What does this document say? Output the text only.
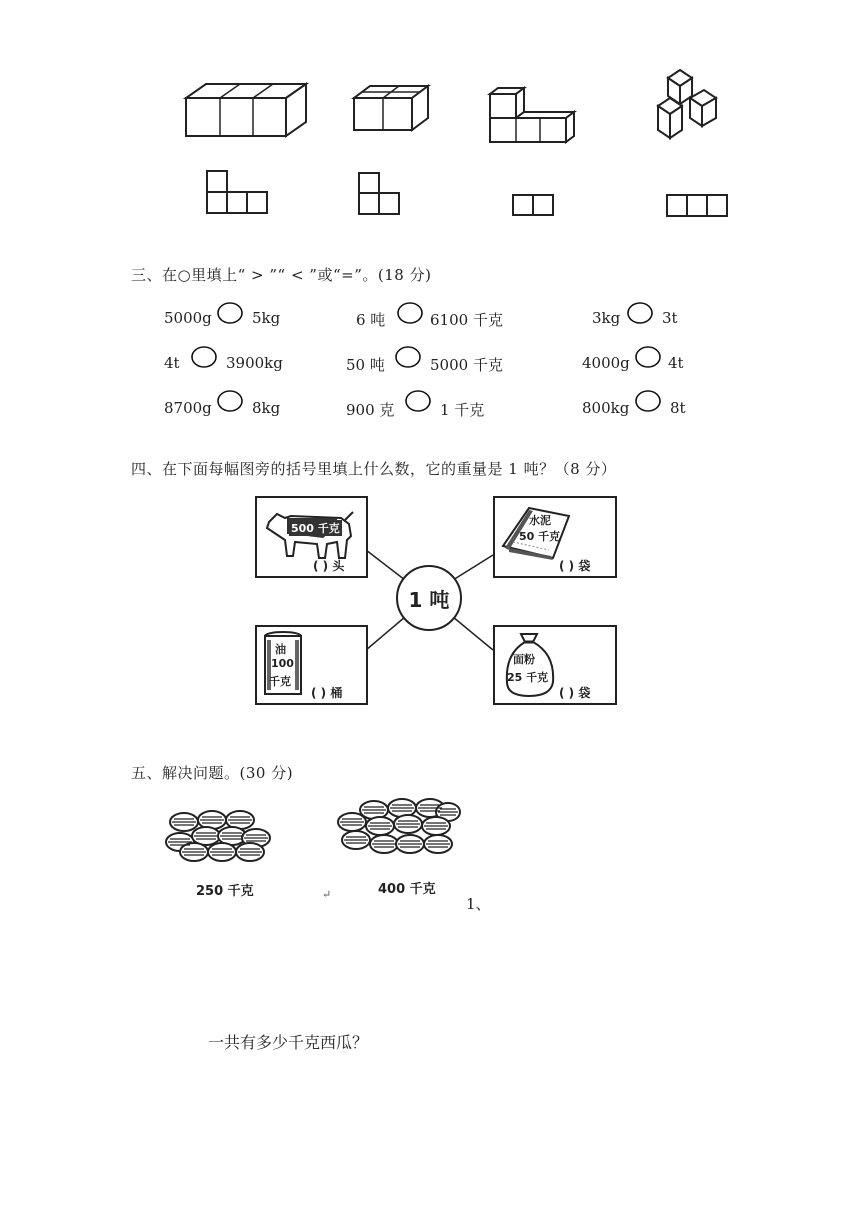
三、在○里填上“ > ”“ < ”或“=”。(18 分)
5000g	5kg	6 吨	6100 千克	3kg	3t
4t	3900kg	50 吨	5000 千克	4000g	4t
8700g	8kg	900 克	1 千克	800kg	8t
四、在下面每幅图旁的括号里填上什么数，它的重量是 1 吨？（8 分）
1 吨
500 千克
( ) 头
水泥
50 千克
( ) 袋
油
100
千克
( ) 桶
面粉
25 千克
( ) 袋
五、解决问题。(30 分)
250 千克	↵	400 千克
1、
一共有多少千克西瓜？
